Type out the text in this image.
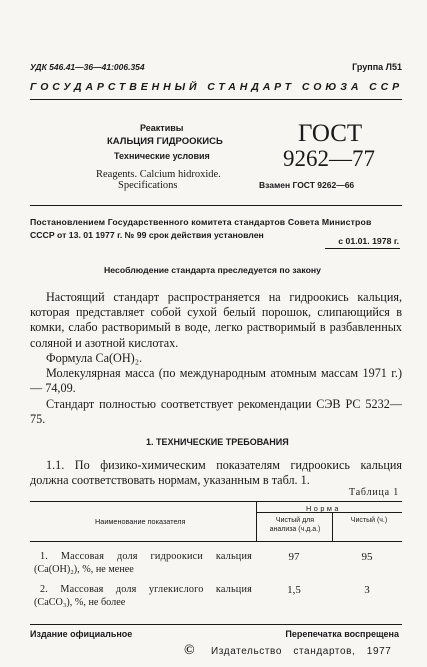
УДК 546.41—36—41:006.354	Группа Л51
ГОСУДАРСТВЕННЫЙ СТАНДАРТ СОЮЗА ССР
Реактивы
КАЛЬЦИЯ ГИДРООКИСЬ
Технические условия
Reagents. Calcium hidroxide.
Specifications
ГОСТ
9262—77
Взамен ГОСТ 9262—66
Постановлением Государственного комитета стандартов Совета Министров
СССР от 13. 01 1977 г. № 99 срок действия установлен
с 01.01. 1978 г.
Несоблюдение стандарта преследуется по закону
Настоящий стандарт распространяется на гидроокись кальция, которая представляет собой сухой белый порошок, слипающийся в комки, слабо растворимый в воде, легко растворимый в разбавленных соляной и азотной кислотах.
Формула Са(ОН)₂.
Молекулярная масса (по международным атомным массам 1971 г.) — 74,09.
Стандарт полностью соответствует рекомендации СЭВ РС 5232—75.
1. ТЕХНИЧЕСКИЕ ТРЕБОВАНИЯ
1.1. По физико-химическим показателям гидроокись кальция должна соответствовать нормам, указанным в табл. 1.
Таблица 1
Наименование показателя
Норма
Чистый для анализа (ч.д.а.)
Чистый (ч.)
1. Массовая доля гидроокиси кальция
(Са(ОН)₂), %, не менее
97	95
2. Массовая доля углекислого кальция
(СаСО₃), %, не более
1,5	3
Издание официальное	Перепечатка воспрещена
© Издательство стандартов, 1977
